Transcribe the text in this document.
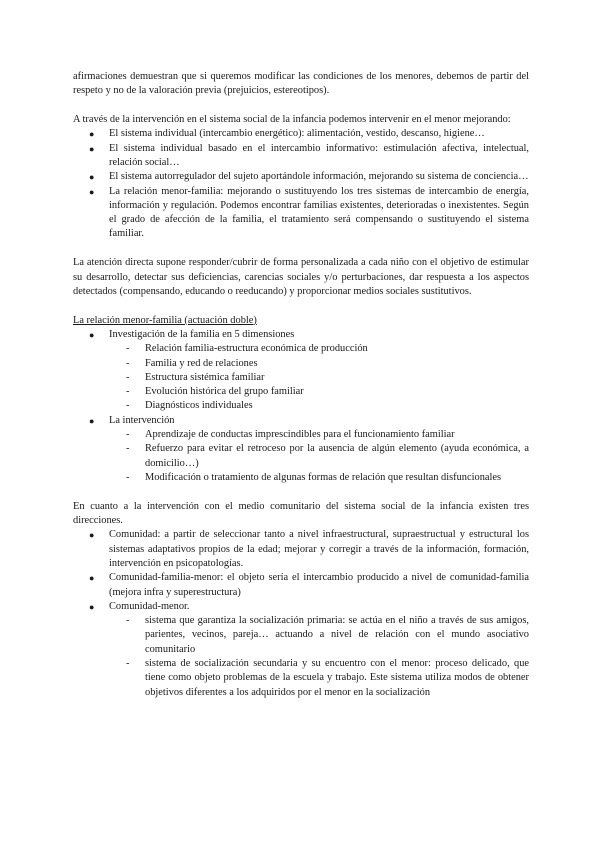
afirmaciones demuestran que si queremos modificar las condiciones de los menores, debemos de partir del respeto y no de la valoración previa (prejuicios, estereotipos).

A través de la intervención en el sistema social de la infancia podemos intervenir en el menor mejorando:

● El sistema individual (intercambio energético): alimentación, vestido, descanso, higiene…
● El sistema individual basado en el intercambio informativo: estimulación afectiva, intelectual, relación social…
● El sistema autorregulador del sujeto aportándole información, mejorando su sistema de conciencia…
● La relación menor-familia: mejorando o sustituyendo los tres sistemas de intercambio de energía, información y regulación. Podemos encontrar familias existentes, deterioradas o inexistentes. Según el grado de afección de la familia, el tratamiento será compensando o sustituyendo el sistema familiar.

La atención directa supone responder/cubrir de forma personalizada a cada niño con el objetivo de estimular su desarrollo, detectar sus deficiencias, carencias sociales y/o perturbaciones, dar respuesta a los aspectos detectados (compensando, educando o reeducando) y proporcionar medios sociales sustitutivos.

La relación menor-familia (actuación doble)

● Investigación de la familia en 5 dimensiones
- Relación familia-estructura económica de producción
- Familia y red de relaciones
- Estructura sistémica familiar
- Evolución histórica del grupo familiar
- Diagnósticos individuales
● La intervención
- Aprendizaje de conductas imprescindibles para el funcionamiento familiar
- Refuerzo para evitar el retroceso por la ausencia de algún elemento (ayuda económica, a domicilio…)
- Modificación o tratamiento de algunas formas de relación que resultan disfuncionales

En cuanto a la intervención con el medio comunitario del sistema social de la infancia existen tres direcciones.

● Comunidad: a partir de seleccionar tanto a nivel infraestructural, supraestructual y estructural los sistemas adaptativos propios de la edad; mejorar y corregir a través de la información, formación, intervención en psicopatologías.
● Comunidad-familia-menor: el objeto sería el intercambio producido a nivel de comunidad-familia (mejora infra y superestructura)
● Comunidad-menor.
- sistema que garantiza la socialización primaria: se actúa en el niño a través de sus amigos, parientes, vecinos, pareja… actuando a nivel de relación con el mundo asociativo comunitario
- sistema de socialización secundaria y su encuentro con el menor: proceso delicado, que tiene como objeto problemas de la escuela y trabajo. Este sistema utiliza modos de obtener objetivos diferentes a los adquiridos por el menor en la socialización
